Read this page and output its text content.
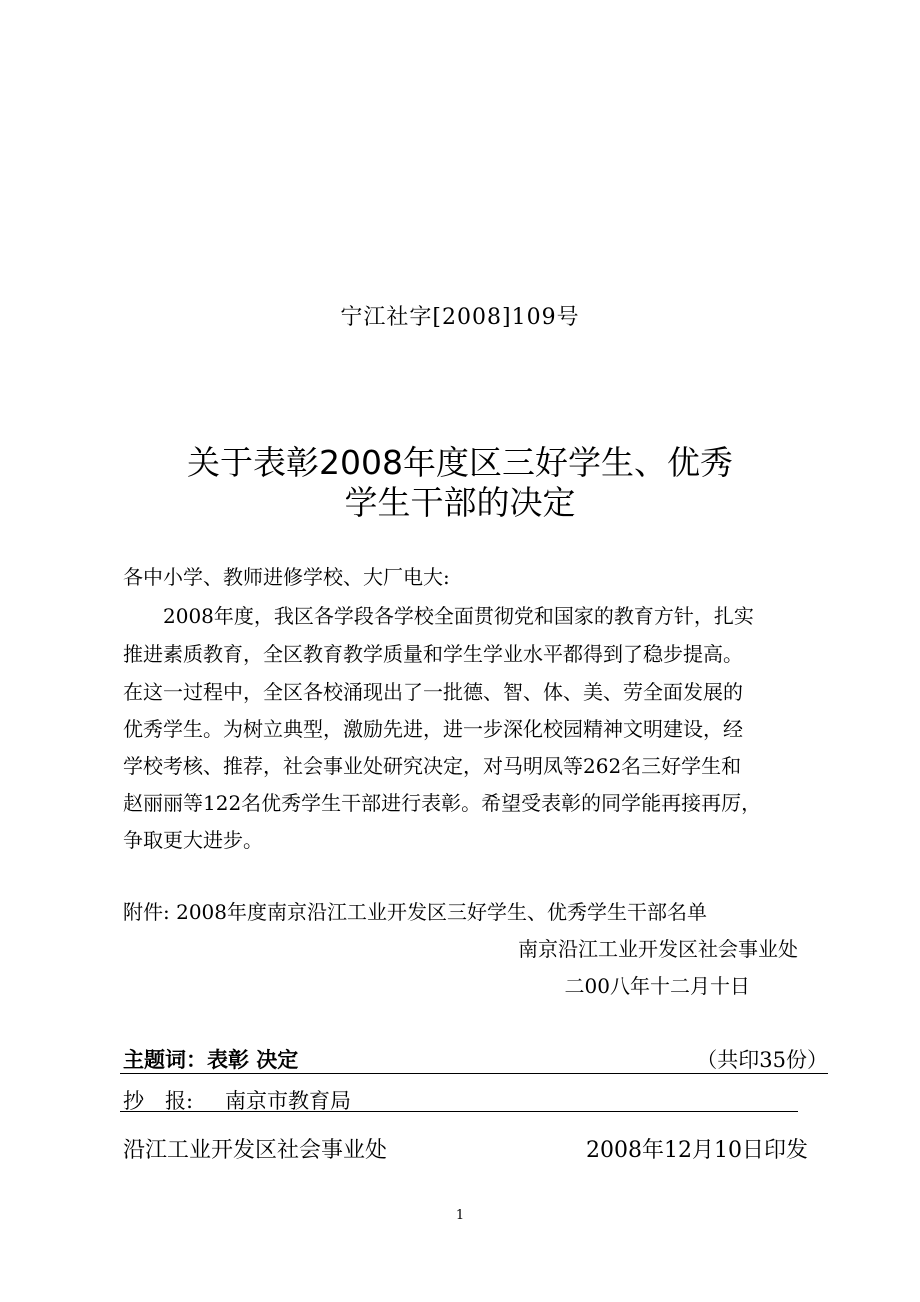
宁江社字[2008]109号
关于表彰2008年度区三好学生、优秀
学生干部的决定
各中小学、教师进修学校、大厂电大:
　　2008年度，我区各学段各学校全面贯彻党和国家的教育方针，扎实
推进素质教育，全区教育教学质量和学生学业水平都得到了稳步提高。
在这一过程中，全区各校涌现出了一批德、智、体、美、劳全面发展的
优秀学生。为树立典型，激励先进，进一步深化校园精神文明建设，经
学校考核、推荐，社会事业处研究决定，对马明凤等262名三好学生和
赵丽丽等122名优秀学生干部进行表彰。希望受表彰的同学能再接再厉，
争取更大进步。
附件: 2008年度南京沿江工业开发区三好学生、优秀学生干部名单
南京沿江工业开发区社会事业处
二00八年十二月十日
主题词：表彰 决定	（共印35份）
抄　报: 南京市教育局
沿江工业开发区社会事业处	2008年12月10日印发
1
